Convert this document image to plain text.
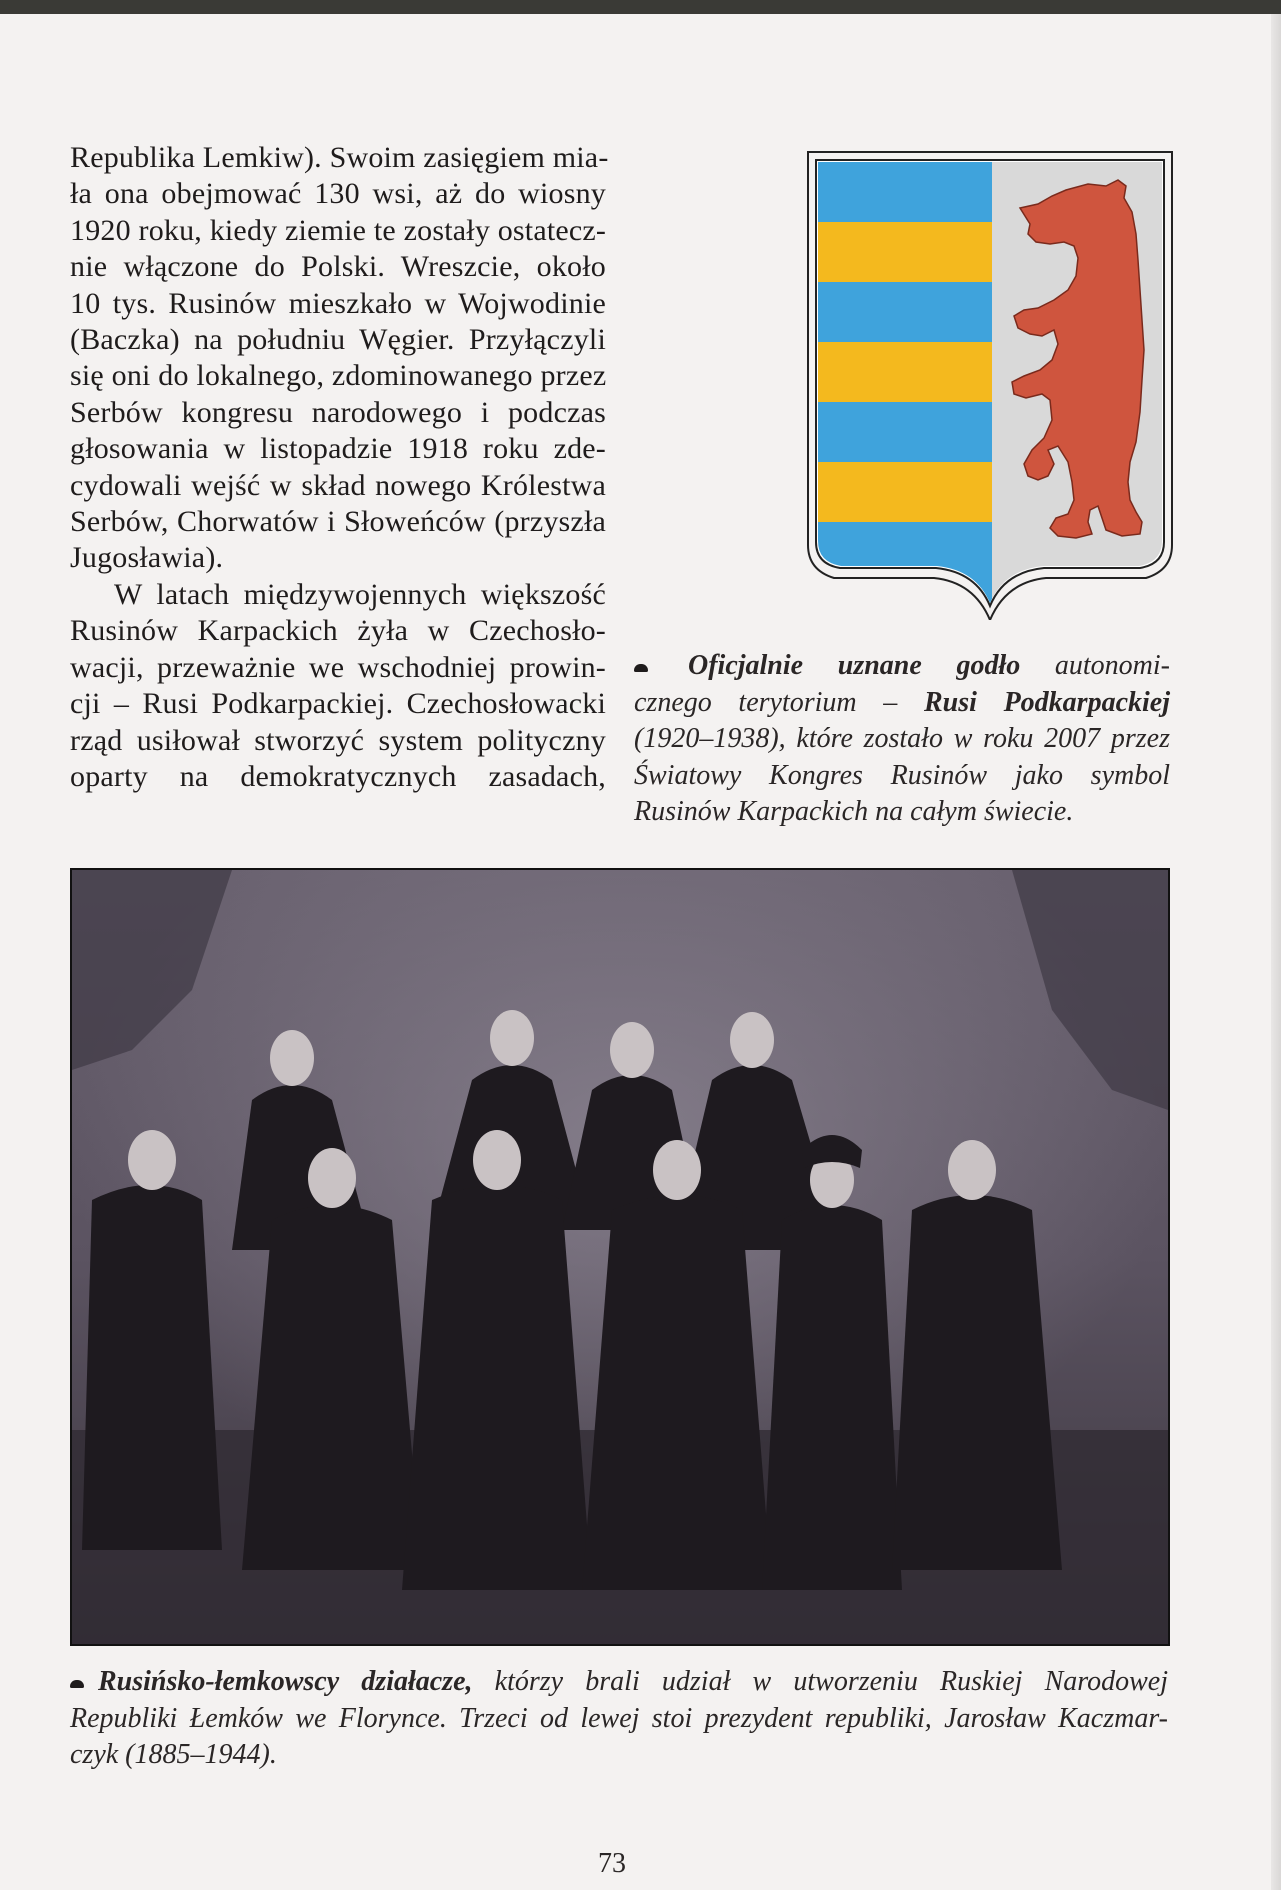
Republika Lemkiw). Swoim zasięgiem mia-
ła ona obejmować 130 wsi, aż do wiosny
1920 roku, kiedy ziemie te zostały ostatecz-
nie włączone do Polski. Wreszcie, około
10 tys. Rusinów mieszkało w Wojwodinie
(Baczka) na południu Węgier. Przyłączyli
się oni do lokalnego, zdominowanego przez
Serbów kongresu narodowego i podczas
głosowania w listopadzie 1918 roku zde-
cydowali wejść w skład nowego Królestwa
Serbów, Chorwatów i Słoweńców (przyszła
Jugosławia).

W latach międzywojennych większość
Rusinów Karpackich żyła w Czechosło-
wacji, przeważnie we wschodniej prowin-
cji – Rusi Podkarpackiej. Czechosłowacki
rząd usiłował stworzyć system polityczny
oparty na demokratycznych zasadach,

Oficjalnie uznane godło autonomi-
cznego terytorium – Rusi Podkarpackiej
(1920–1938), które zostało w roku 2007 przez
Światowy Kongres Rusinów jako symbol
Rusinów Karpackich na całym świecie.
Rusińsko-łemkowscy działacze, którzy brali udział w utworzeniu Ruskiej Narodowej
Republiki Łemków we Florynce. Trzeci od lewej stoi prezydent republiki, Jarosław Kaczmar-
czyk (1885–1944).
73
